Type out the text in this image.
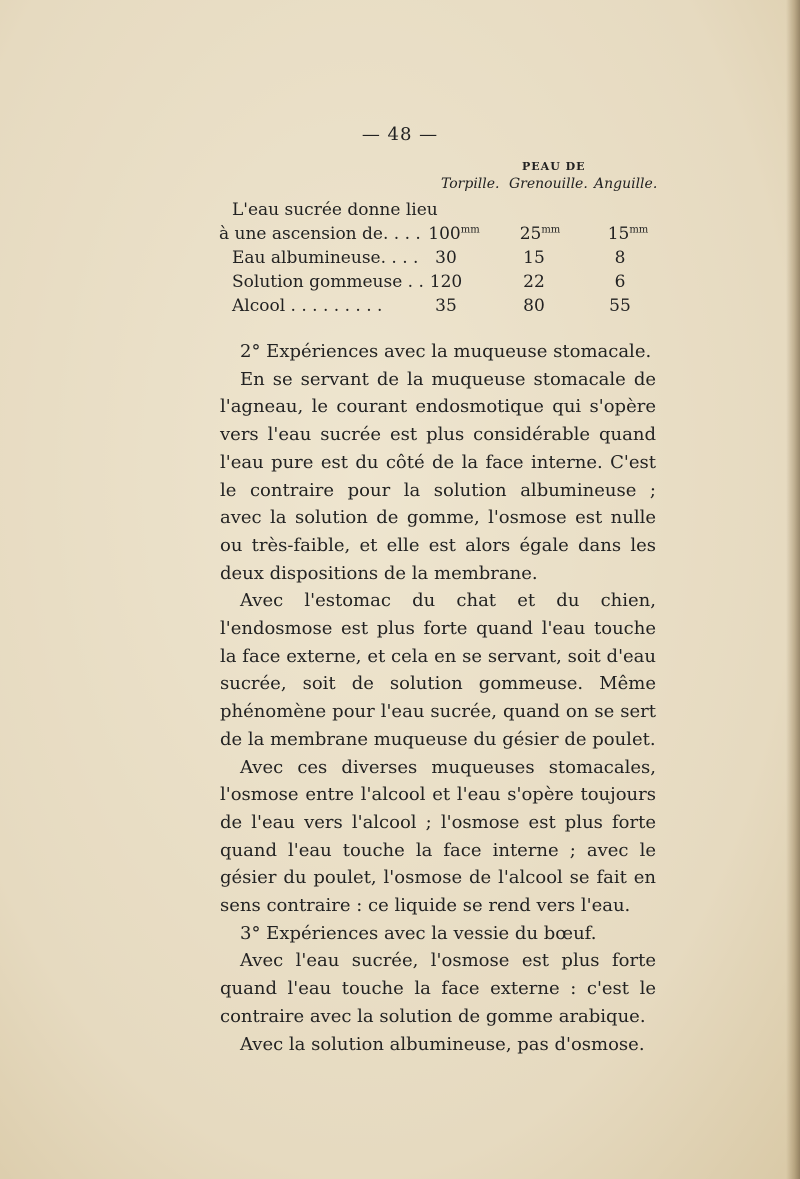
— 48 —
PEAU DE
Torpille. Grenouille. Anguille.
L'eau sucrée donne lieu
à une ascension de. . . . $100^{mm}$	$25^{mm}$	$15^{mm}$
Eau albumineuse. . . . 30	15	8
Solution gommeuse . . 120	22	6
Alcool . . . . . . . . .	35	80	55

2° Expériences avec la muqueuse stomacale.

En se servant de la muqueuse stomacale de l'agneau, le courant endosmotique qui s'opère vers l'eau sucrée est plus considérable quand l'eau pure est du côté de la face interne. C'est le contraire pour la solution albumineuse ; avec la solution de gomme, l'osmose est nulle ou très-faible, et elle est alors égale dans les deux dispositions de la membrane.

Avec l'estomac du chat et du chien, l'endosmose est plus forte quand l'eau touche la face externe, et cela en se servant, soit d'eau sucrée, soit de solution gommeuse. Même phénomène pour l'eau sucrée, quand on se sert de la membrane muqueuse du gésier de poulet.

Avec ces diverses muqueuses stomacales, l'osmose entre l'alcool et l'eau s'opère toujours de l'eau vers l'alcool ; l'osmose est plus forte quand l'eau touche la face interne ; avec le gésier du poulet, l'osmose de l'alcool se fait en sens contraire : ce liquide se rend vers l'eau.

3° Expériences avec la vessie du bœuf.

Avec l'eau sucrée, l'osmose est plus forte quand l'eau touche la face externe : c'est le contraire avec la solution de gomme arabique.

Avec la solution albumineuse, pas d'osmose.
